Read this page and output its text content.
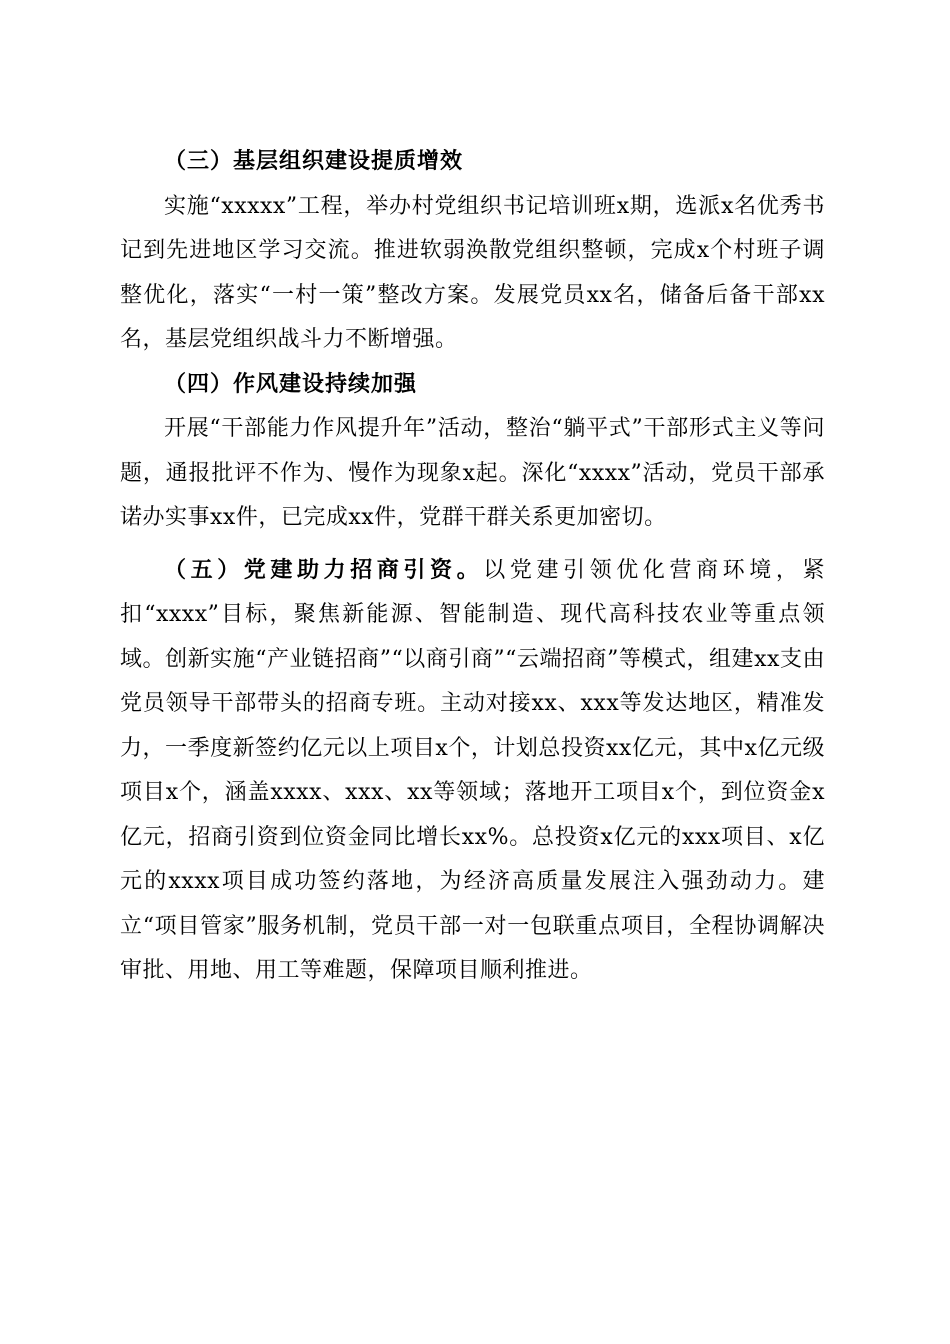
（三）基层组织建设提质增效

实施“xxxxx”工程，举办村党组织书记培训班x期，选派x名优秀书记到先进地区学习交流。推进软弱涣散党组织整顿，完成x个村班子调整优化，落实“一村一策”整改方案。发展党员xx名，储备后备干部xx名，基层党组织战斗力不断增强。

（四）作风建设持续加强

开展“干部能力作风提升年”活动，整治“躺平式”干部形式主义等问题，通报批评不作为、慢作为现象x起。深化“xxxx”活动，党员干部承诺办实事xx件，已完成xx件，党群干群关系更加密切。

（五）党建助力招商引资。以党建引领优化营商环境，紧扣“xxxx”目标，聚焦新能源、智能制造、现代高科技农业等重点领域。创新实施“产业链招商”“以商引商”“云端招商”等模式，组建xx支由党员领导干部带头的招商专班。主动对接xx、xxx等发达地区，精准发力，一季度新签约亿元以上项目x个，计划总投资xx亿元，其中x亿元级项目x个，涵盖xxxx、xxx、xx等领域；落地开工项目x个，到位资金x亿元，招商引资到位资金同比增长xx%。总投资x亿元的xxx项目、x亿元的xxxx项目成功签约落地，为经济高质量发展注入强劲动力。建立“项目管家”服务机制，党员干部一对一包联重点项目，全程协调解决审批、用地、用工等难题，保障项目顺利推进。
